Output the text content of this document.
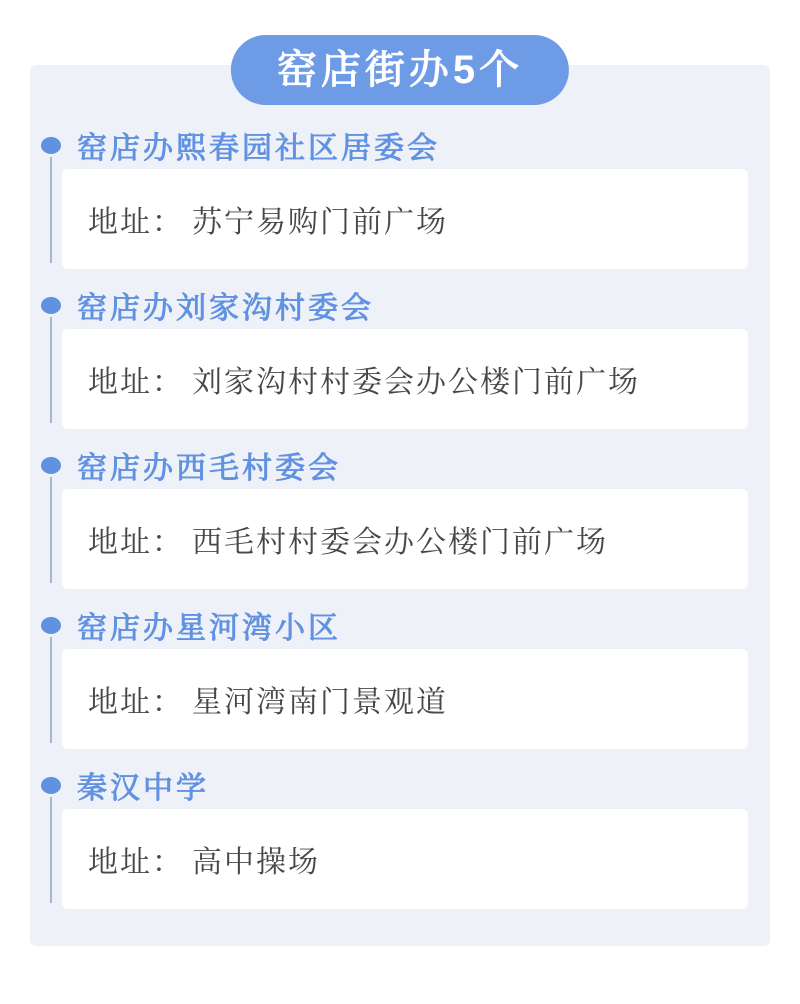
窑店街办5个
窑店办熙春园社区居委会
地址： 苏宁易购门前广场
窑店办刘家沟村委会
地址： 刘家沟村村委会办公楼门前广场
窑店办西毛村委会
地址： 西毛村村委会办公楼门前广场
窑店办星河湾小区
地址： 星河湾南门景观道
秦汉中学
地址： 高中操场
